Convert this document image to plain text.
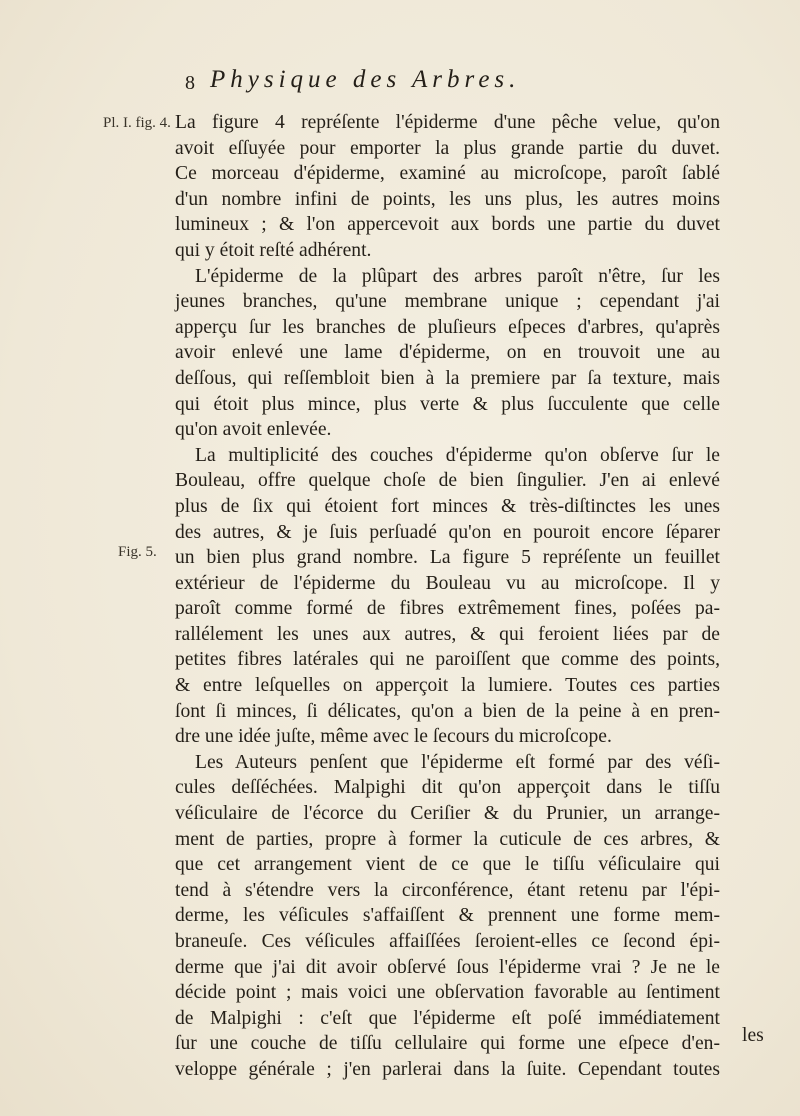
8 Physique des Arbres.
Pl. I. fig. 4.
Fig. 5.
La figure 4 repréſente l'épiderme d'une pêche velue, qu'on
avoit eſſuyée pour emporter la plus grande partie du duvet.
Ce morceau d'épiderme, examiné au microſcope, paroît ſablé
d'un nombre infini de points, les uns plus, les autres moins
lumineux ; & l'on appercevoit aux bords une partie du duvet
qui y étoit reſté adhérent.
L'épiderme de la plûpart des arbres paroît n'être, ſur les
jeunes branches, qu'une membrane unique ; cependant j'ai
apperçu ſur les branches de pluſieurs eſpeces d'arbres, qu'après
avoir enlevé une lame d'épiderme, on en trouvoit une au
deſſous, qui reſſembloit bien à la premiere par ſa texture, mais
qui étoit plus mince, plus verte & plus ſucculente que celle
qu'on avoit enlevée.
La multiplicité des couches d'épiderme qu'on obſerve ſur le
Bouleau, offre quelque choſe de bien ſingulier. J'en ai enlevé
plus de ſix qui étoient fort minces & très-diſtinctes les unes
des autres, & je ſuis perſuadé qu'on en pouroit encore ſéparer
un bien plus grand nombre. La figure 5 repréſente un feuillet
extérieur de l'épiderme du Bouleau vu au microſcope. Il y
paroît comme formé de fibres extrêmement fines, poſées pa-
rallélement les unes aux autres, & qui feroient liées par de
petites fibres latérales qui ne paroiſſent que comme des points,
& entre leſquelles on apperçoit la lumiere. Toutes ces parties
ſont ſi minces, ſi délicates, qu'on a bien de la peine à en pren-
dre une idée juſte, même avec le ſecours du microſcope.
Les Auteurs penſent que l'épiderme eſt formé par des véſi-
cules deſſéchées. Malpighi dit qu'on apperçoit dans le tiſſu
véſiculaire de l'écorce du Ceriſier & du Prunier, un arrange-
ment de parties, propre à former la cuticule de ces arbres, &
que cet arrangement vient de ce que le tiſſu véſiculaire qui
tend à s'étendre vers la circonférence, étant retenu par l'épi-
derme, les véſicules s'affaiſſent & prennent une forme mem-
braneuſe. Ces véſicules affaiſſées ſeroient-elles ce ſecond épi-
derme que j'ai dit avoir obſervé ſous l'épiderme vrai ? Je ne le
décide point ; mais voici une obſervation favorable au ſentiment
de Malpighi : c'eſt que l'épiderme eſt poſé immédiatement
ſur une couche de tiſſu cellulaire qui forme une eſpece d'en-
veloppe générale ; j'en parlerai dans la ſuite. Cependant toutes
les
